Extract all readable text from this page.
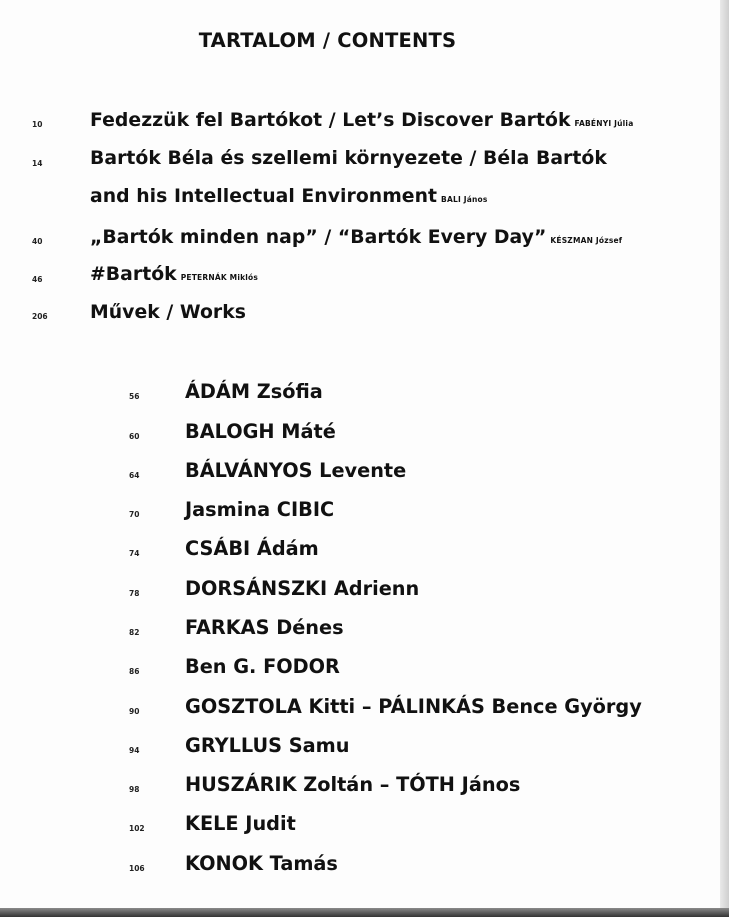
TARTALOM / CONTENTS
10	Fedezzük fel Bartókot / Let’s Discover Bartók FABÉNYI Júlia
14	Bartók Béla és szellemi környezete / Béla Bartók
and his Intellectual Environment BALI János
40	„Bartók minden nap” / “Bartók Every Day” KÉSZMAN József
46	#Bartók PETERNÁK Miklós
206 Művek / Works
56 ÁDÁM Zsófia
60 BALOGH Máté
64 BÁLVÁNYOS Levente
70 Jasmina CIBIC
74 CSÁBI Ádám
78 DORSÁNSZKI Adrienn
82 FARKAS Dénes
86 Ben G. FODOR
90 GOSZTOLA Kitti – PÁLINKÁS Bence György
94 GRYLLUS Samu
98 HUSZÁRIK Zoltán – TÓTH János
102 KELE Judit
106 KONOK Tamás
